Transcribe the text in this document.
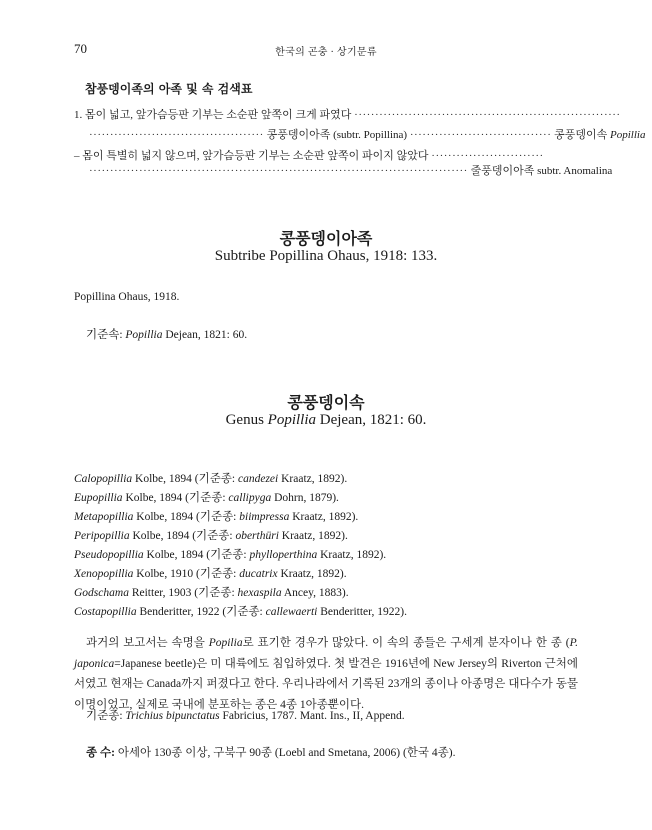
70	한국의 곤충 · 상기문류
참풍뎅이족의 아족 및 속 검색표
1. 몸이 넓고, 앞가슴등판 기부는 소순판 앞쪽이 크게 파였다 ································································
·········································· 콩풍뎅이아족 (subtr. Popillina) ·································· 콩풍뎅이속 Popillia
– 몸이 특별히 넓지 않으며, 앞가슴등판 기부는 소순판 앞쪽이 파이지 않았다 ···························
··························································································· 줄풍뎅이아족 subtr. Anomalina
콩풍뎅이아족
Subtribe Popillina Ohaus, 1918: 133.
Popillina Ohaus, 1918.
기준속: Popillia Dejean, 1821: 60.
콩풍뎅이속
Genus Popillia Dejean, 1821: 60.
Calopopillia Kolbe, 1894 (기준종: candezei Kraatz, 1892).
Eupopillia Kolbe, 1894 (기준종: callipyga Dohrn, 1879).
Metapopillia Kolbe, 1894 (기준종: biimpressa Kraatz, 1892).
Peripopillia Kolbe, 1894 (기준종: oberthüri Kraatz, 1892).
Pseudopopillia Kolbe, 1894 (기준종: phylloperthina Kraatz, 1892).
Xenopopillia Kolbe, 1910 (기준종: ducatrix Kraatz, 1892).
Godschama Reitter, 1903 (기준종: hexaspila Ancey, 1883).
Costapopillia Benderitter, 1922 (기준종: callewaerti Benderitter, 1922).
과거의 보고서는 속명을 Popilia로 표기한 경우가 많았다. 이 속의 종들은 구세계 분자이나 한 종 (P. japonica=Japanese beetle)은 미 대륙에도 침입하였다. 첫 발견은 1916년에 New Jersey의 Riverton 근처에서였고 현재는 Canada까지 퍼졌다고 한다. 우리나라에서 기록된 23개의 종이나 아종명은 대다수가 동물이명이었고, 실제로 국내에 분포하는 종은 4종 1아종뿐이다.
기준종: Trichius bipunctatus Fabricius, 1787. Mant. Ins., II, Append.
종 수: 아세아 130종 이상, 구북구 90종 (Loebl and Smetana, 2006) (한국 4종).
